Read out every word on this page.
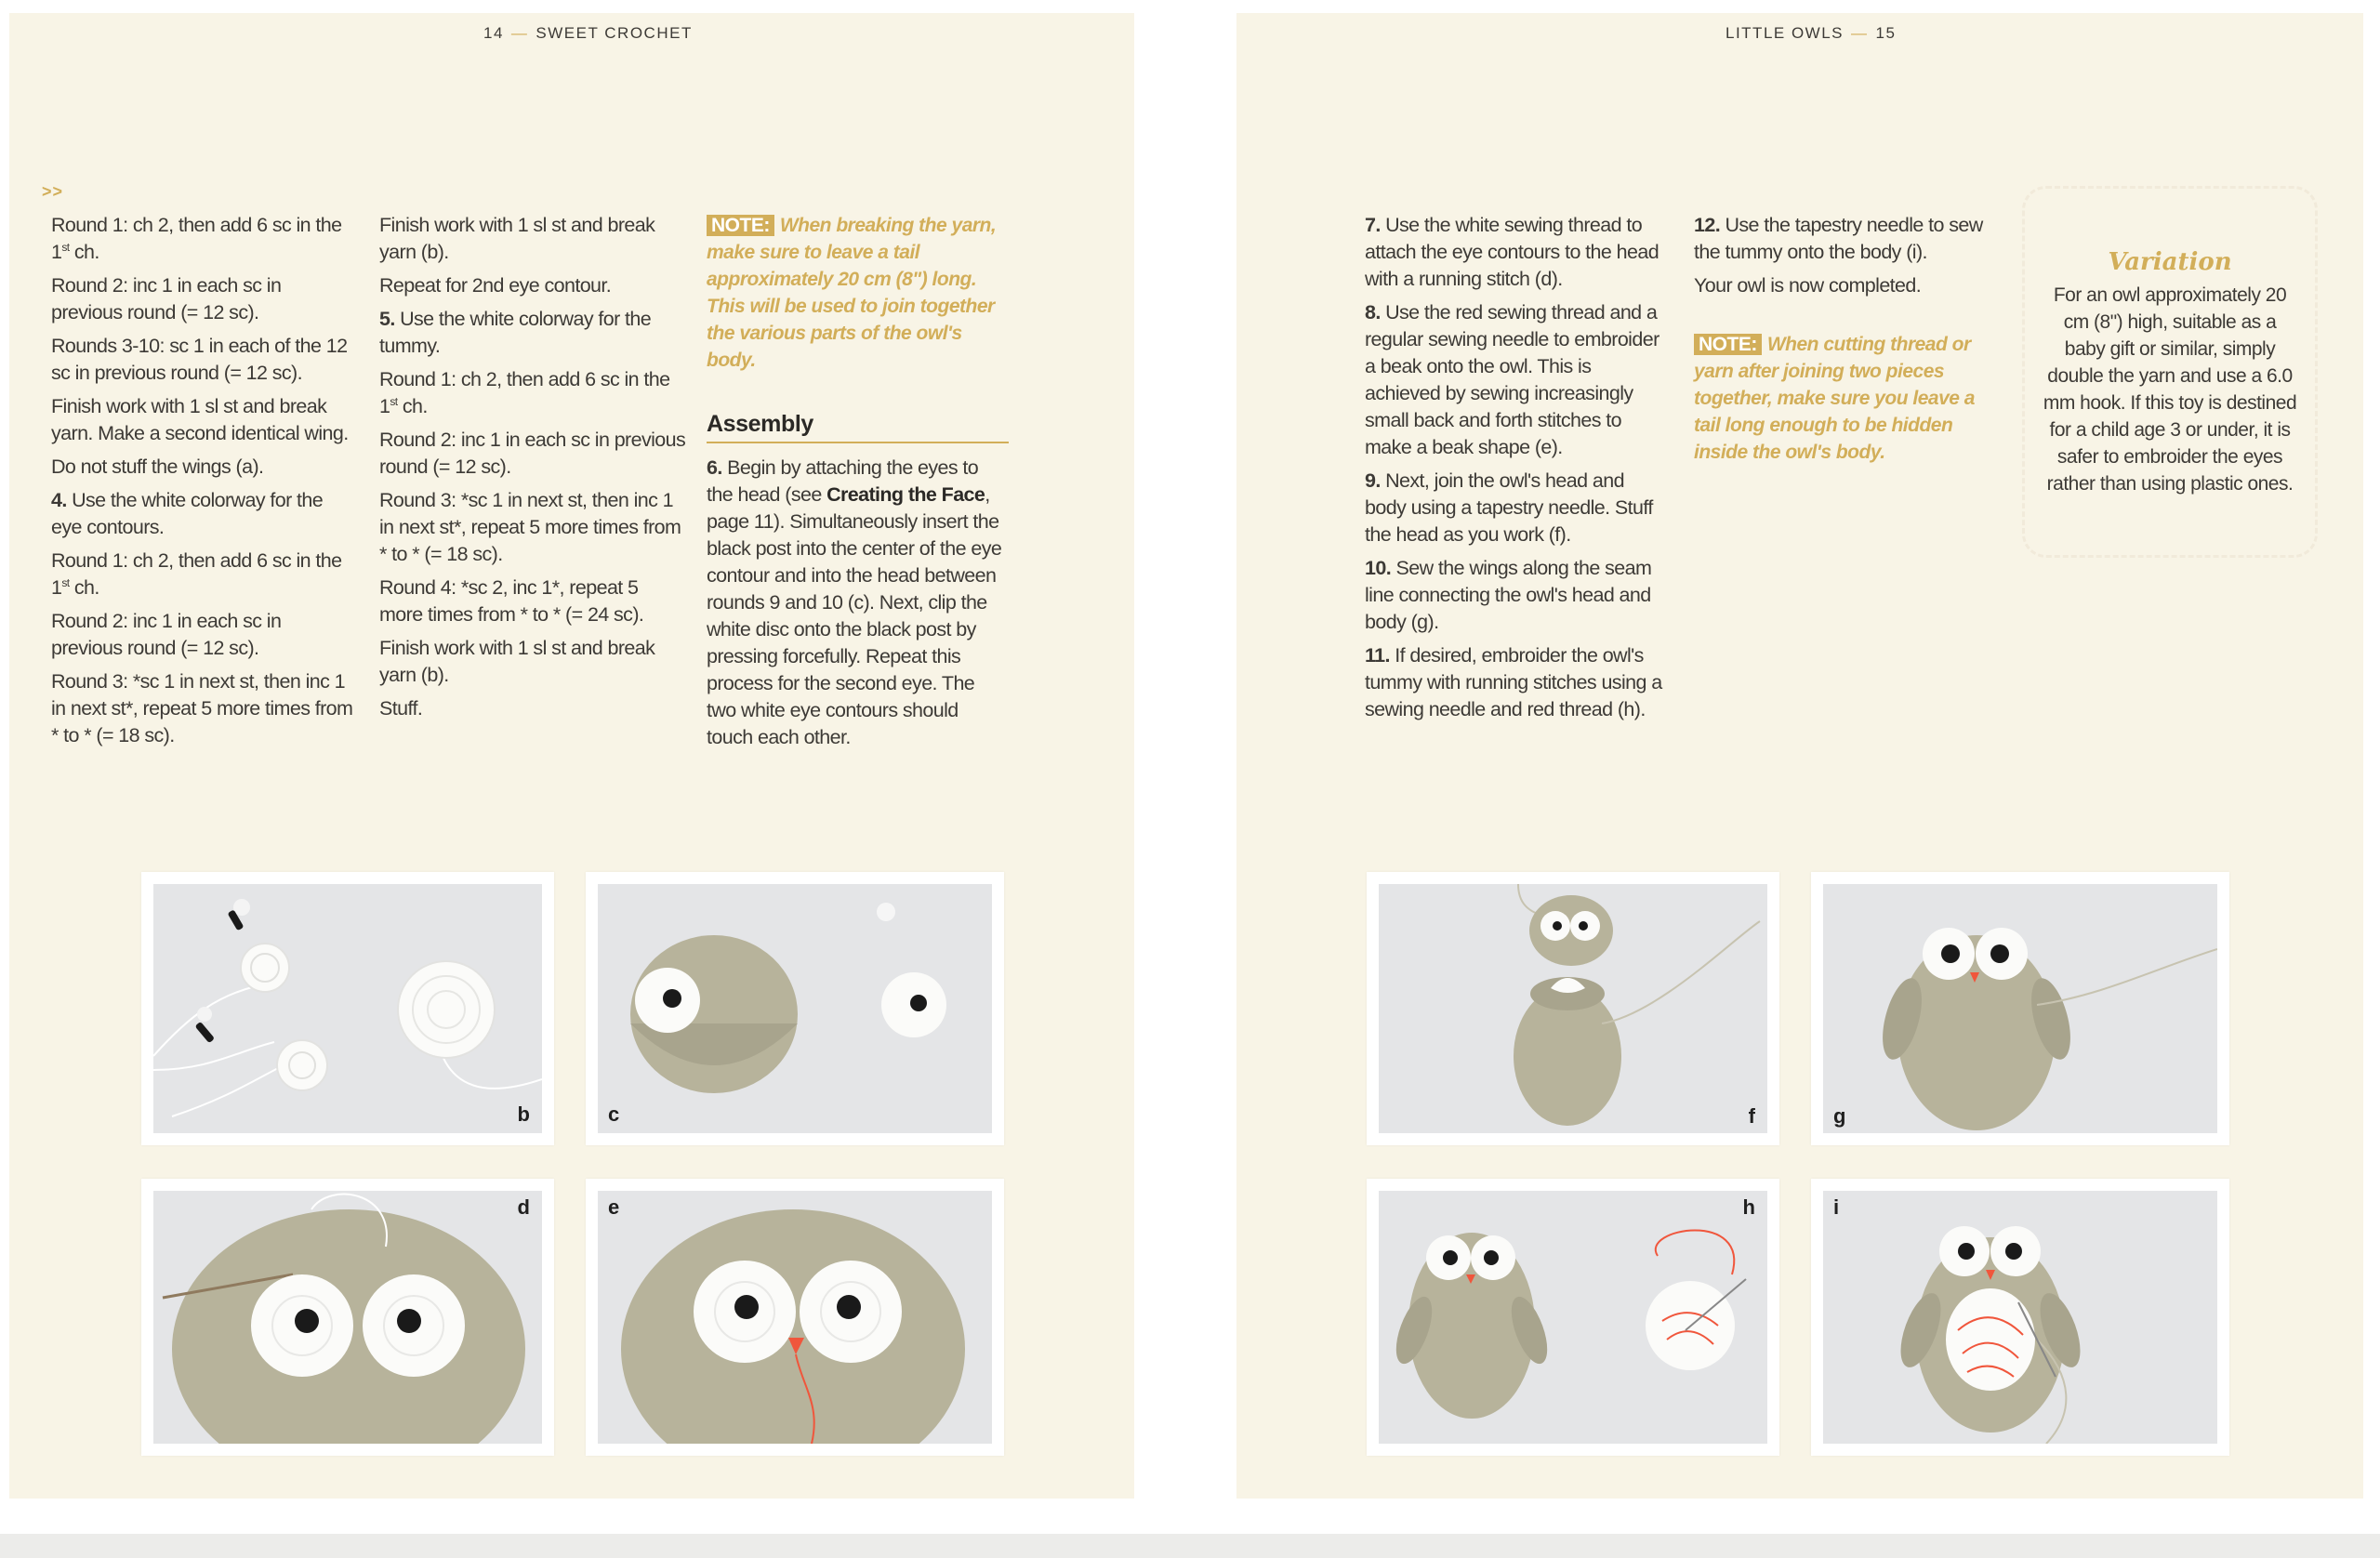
14 — SWEET CROCHET
>>

Round 1: ch 2, then add 6 sc in the 1st ch.

Round 2: inc 1 in each sc in previous round (= 12 sc).

Rounds 3-10: sc 1 in each of the 12 sc in previous round (= 12 sc).

Finish work with 1 sl st and break yarn. Make a second identical wing.

Do not stuff the wings (a).

4. Use the white colorway for the eye contours.

Round 1: ch 2, then add 6 sc in the 1st ch.

Round 2: inc 1 in each sc in previous round (= 12 sc).

Round 3: *sc 1 in next st, then inc 1 in next st*, repeat 5 more times from * to * (= 18 sc).

Finish work with 1 sl st and break yarn (b).

Repeat for 2nd eye contour.

5. Use the white colorway for the tummy.

Round 1: ch 2, then add 6 sc in the 1st ch.

Round 2: inc 1 in each sc in previous round (= 12 sc).

Round 3: *sc 1 in next st, then inc 1 in next st*, repeat 5 more times from * to * (= 18 sc).

Round 4: *sc 2, inc 1*, repeat 5 more times from * to * (= 24 sc).

Finish work with 1 sl st and break yarn (b).

Stuff.

NOTE: When breaking the yarn, make sure to leave a tail approximately 20 cm (8") long. This will be used to join together the various parts of the owl's body.

Assembly

6. Begin by attaching the eyes to the head (see Creating the Face, page 11). Simultaneously insert the black post into the center of the eye contour and into the head between rounds 9 and 10 (c). Next, clip the white disc onto the black post by pressing forcefully. Repeat this process for the second eye. The two white eye contours should touch each other.

b	c
d	e
LITTLE OWLS — 15

7. Use the white sewing thread to attach the eye contours to the head with a running stitch (d).

8. Use the red sewing thread and a regular sewing needle to embroider a beak onto the owl. This is achieved by sewing increasingly small back and forth stitches to make a beak shape (e).

9. Next, join the owl's head and body using a tapestry needle. Stuff the head as you work (f).

10. Sew the wings along the seam line connecting the owl's head and body (g).

11. If desired, embroider the owl's tummy with running stitches using a sewing needle and red thread (h).

12. Use the tapestry needle to sew the tummy onto the body (i).

Your owl is now completed.

NOTE: When cutting thread or yarn after joining two pieces together, make sure you leave a tail long enough to be hidden inside the owl's body.

Variation
For an owl approximately 20 cm (8") high, suitable as a baby gift or similar, simply double the yarn and use a 6.0 mm hook. If this toy is destined for a child age 3 or under, it is safer to embroider the eyes rather than using plastic ones.
f	g
h	i
